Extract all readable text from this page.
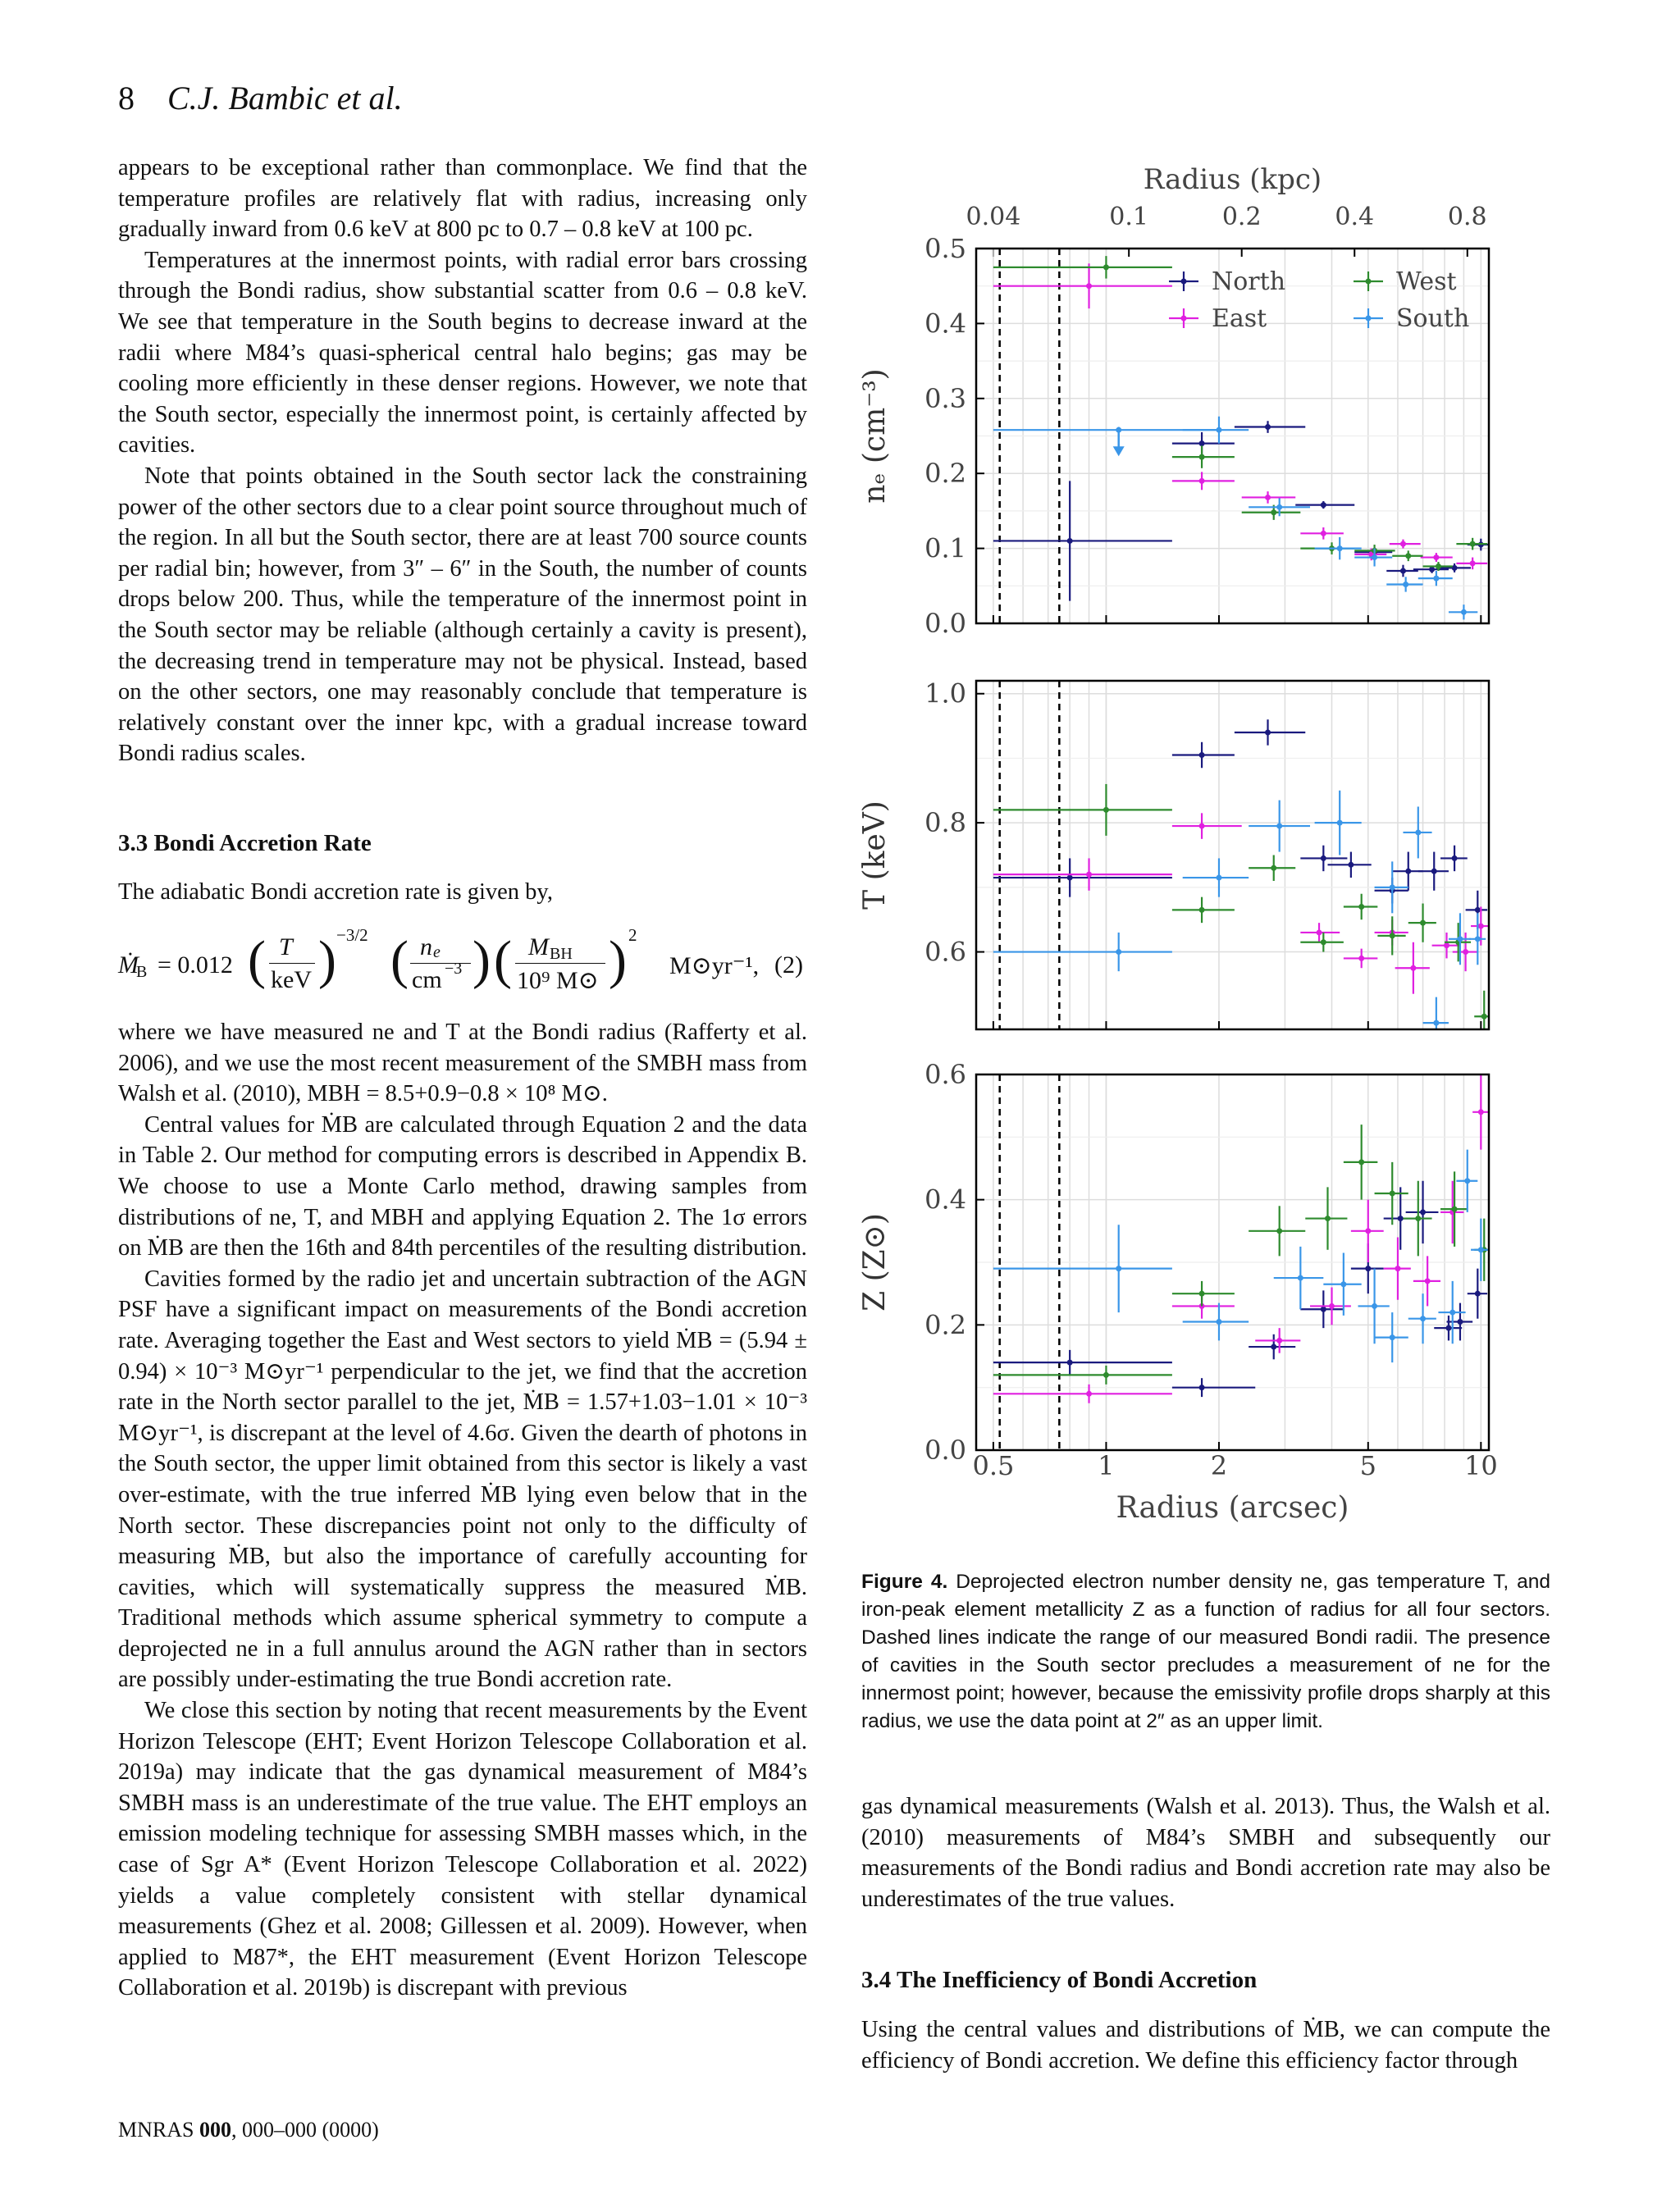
8 C.J. Bambic et al.

appears to be exceptional rather than commonplace. We find that the temperature profiles are relatively flat with radius, increasing only gradually inward from 0.6 keV at 800 pc to 0.7 – 0.8 keV at 100 pc.

Temperatures at the innermost points, with radial error bars crossing through the Bondi radius, show substantial scatter from 0.6 – 0.8 keV. We see that temperature in the South begins to decrease inward at the radii where M84’s quasi-spherical central halo begins; gas may be cooling more efficiently in these denser regions. However, we note that the South sector, especially the innermost point, is certainly affected by cavities.

Note that points obtained in the South sector lack the constraining power of the other sectors due to a clear point source throughout much of the region. In all but the South sector, there are at least 700 source counts per radial bin; however, from 3″ – 6″ in the South, the number of counts drops below 200. Thus, while the temperature of the innermost point in the South sector may be reliable (although certainly a cavity is present), the decreasing trend in temperature may not be physical. Instead, based on the other sectors, one may reasonably conclude that temperature is relatively constant over the inner kpc, with a gradual increase toward Bondi radius scales.

3.3 Bondi Accretion Rate
The adiabatic Bondi accretion rate is given by,
Ṁ
B = 0.012 ( T
keV ) −3/2 ( n e
cm −3 ) ( M BH
10⁹ M⊙ ) 2
M⊙yr⁻¹, (2)

where we have measured ne and T at the Bondi radius (Rafferty et al. 2006), and we use the most recent measurement of the SMBH mass from Walsh et al. (2010), MBH = 8.5+0.9−0.8 × 10⁸ M⊙.

Central values for ṀB are calculated through Equation 2 and the data in Table 2. Our method for computing errors is described in Appendix B. We choose to use a Monte Carlo method, drawing samples from distributions of ne, T, and MBH and applying Equation 2. The 1σ errors on ṀB are then the 16th and 84th percentiles of the resulting distribution.

Cavities formed by the radio jet and uncertain subtraction of the AGN PSF have a significant impact on measurements of the Bondi accretion rate. Averaging together the East and West sectors to yield ṀB = (5.94 ± 0.94) × 10⁻³ M⊙yr⁻¹ perpendicular to the jet, we find that the accretion rate in the North sector parallel to the jet, ṀB = 1.57+1.03−1.01 × 10⁻³ M⊙yr⁻¹, is discrepant at the level of 4.6σ. Given the dearth of photons in the South sector, the upper limit obtained from this sector is likely a vast over-estimate, with the true inferred ṀB lying even below that in the North sector. These discrepancies point not only to the difficulty of measuring ṀB, but also the importance of carefully accounting for cavities, which will systematically suppress the measured ṀB. Traditional methods which assume spherical symmetry to compute a deprojected ne in a full annulus around the AGN rather than in sectors are possibly under-estimating the true Bondi accretion rate.

We close this section by noting that recent measurements by the Event Horizon Telescope (EHT; Event Horizon Telescope Collaboration et al. 2019a) may indicate that the gas dynamical measurement of M84’s SMBH mass is an underestimate of the true value. The EHT employs an emission modeling technique for assessing SMBH masses which, in the case of Sgr A* (Event Horizon Telescope Collaboration et al. 2022) yields a value completely consistent with stellar dynamical measurements (Ghez et al. 2008; Gillessen et al. 2009). However, when applied to M87*, the EHT measurement (Event Horizon Telescope Collaboration et al. 2019b) is discrepant with previous

Radius (kpc)
0.04	0.1	0.2	0.4	0.8
0.0
0.1
0.2
0.3
0.4
0.5
nₑ (cm⁻³)
North
East
West
South
0.6
0.8
1.0
T (keV)
0.0
0.2
0.4
0.6
Z (Z⊙)
0.5	1	2	5	10
Radius (arcsec)
Figure 4. Deprojected electron number density ne, gas temperature T, and iron-peak element metallicity Z as a function of radius for all four sectors. Dashed lines indicate the range of our measured Bondi radii. The presence of cavities in the South sector precludes a measurement of ne for the innermost point; however, because the emissivity profile drops sharply at this radius, we use the data point at 2″ as an upper limit.
gas dynamical measurements (Walsh et al. 2013). Thus, the Walsh et al. (2010) measurements of M84’s SMBH and subsequently our measurements of the Bondi radius and Bondi accretion rate may also be underestimates of the true values.
3.4 The Inefficiency of Bondi Accretion
Using the central values and distributions of ṀB, we can compute the efficiency of Bondi accretion. We define this efficiency factor through
MNRAS 000, 000–000 (0000)
